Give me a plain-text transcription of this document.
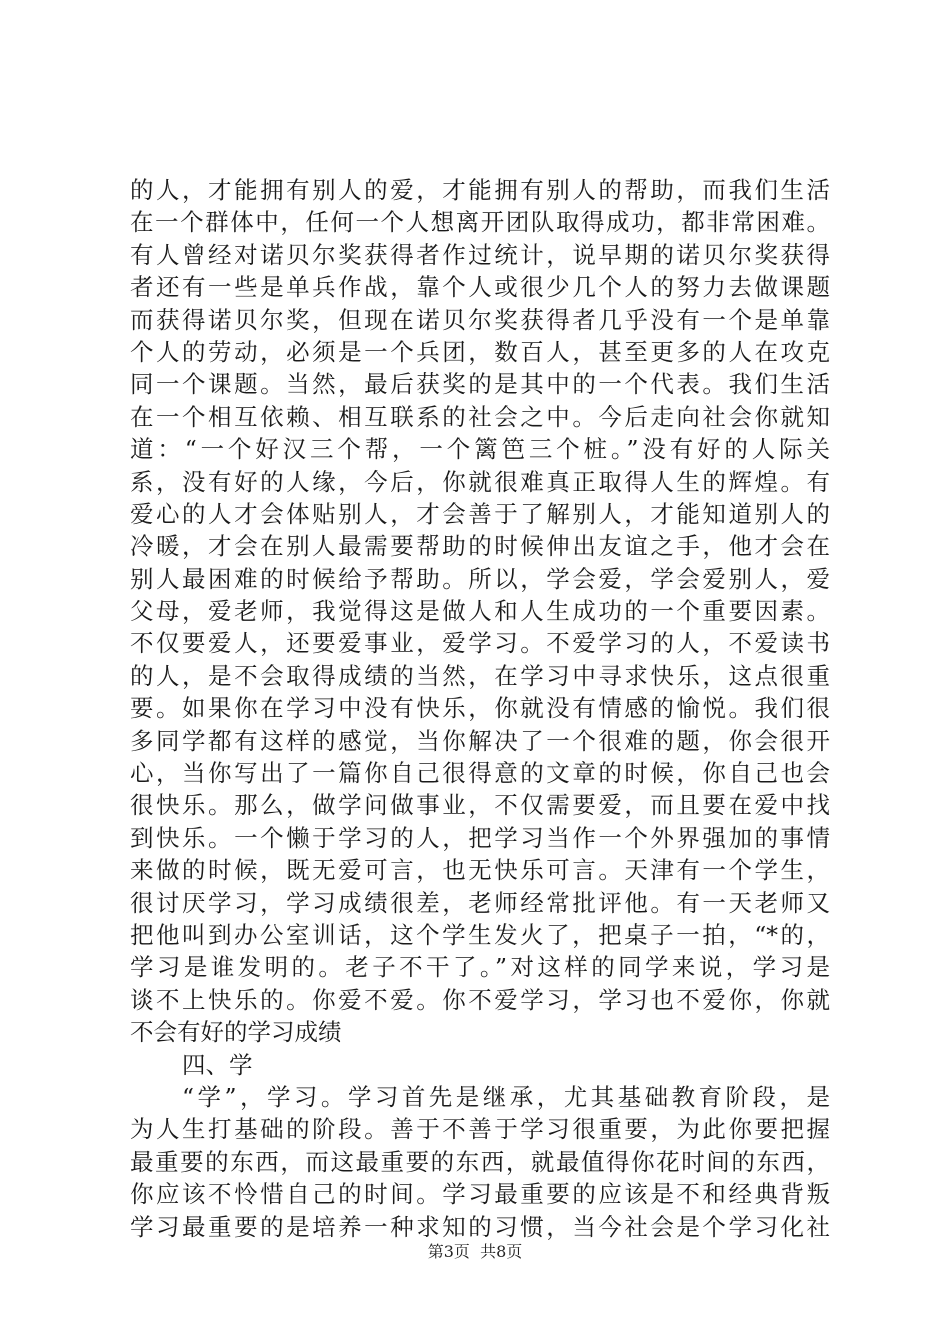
的人，才能拥有别人的爱，才能拥有别人的帮助，而我们生活
在一个群体中，任何一个人想离开团队取得成功，都非常困难。
有人曾经对诺贝尔奖获得者作过统计，说早期的诺贝尔奖获得
者还有一些是单兵作战，靠个人或很少几个人的努力去做课题
而获得诺贝尔奖，但现在诺贝尔奖获得者几乎没有一个是单靠
个人的劳动，必须是一个兵团，数百人，甚至更多的人在攻克
同一个课题。当然，最后获奖的是其中的一个代表。我们生活
在一个相互依赖、相互联系的社会之中。今后走向社会你就知
道：“一个好汉三个帮，一个篱笆三个桩。”没有好的人际关
系，没有好的人缘，今后，你就很难真正取得人生的辉煌。有
爱心的人才会体贴别人，才会善于了解别人，才能知道别人的
冷暖，才会在别人最需要帮助的时候伸出友谊之手，他才会在
别人最困难的时候给予帮助。所以，学会爱，学会爱别人，爱
父母，爱老师，我觉得这是做人和人生成功的一个重要因素。
不仅要爱人，还要爱事业，爱学习。不爱学习的人，不爱读书
的人，是不会取得成绩的当然，在学习中寻求快乐，这点很重
要。如果你在学习中没有快乐，你就没有情感的愉悦。我们很
多同学都有这样的感觉，当你解决了一个很难的题，你会很开
心，当你写出了一篇你自己很得意的文章的时候，你自己也会
很快乐。那么，做学问做事业，不仅需要爱，而且要在爱中找
到快乐。一个懒于学习的人，把学习当作一个外界强加的事情
来做的时候，既无爱可言，也无快乐可言。天津有一个学生，
很讨厌学习，学习成绩很差，老师经常批评他。有一天老师又
把他叫到办公室训话，这个学生发火了，把桌子一拍，“*的，
学习是谁发明的。老子不干了。”对这样的同学来说，学习是
谈不上快乐的。你爱不爱。你不爱学习，学习也不爱你，你就
不会有好的学习成绩
四、学
“学”，学习。学习首先是继承，尤其基础教育阶段，是
为人生打基础的阶段。善于不善于学习很重要，为此你要把握
最重要的东西，而这最重要的东西，就最值得你花时间的东西，
你应该不怜惜自己的时间。学习最重要的应该是不和经典背叛
学习最重要的是培养一种求知的习惯，当今社会是个学习化社
第3页  共8页
